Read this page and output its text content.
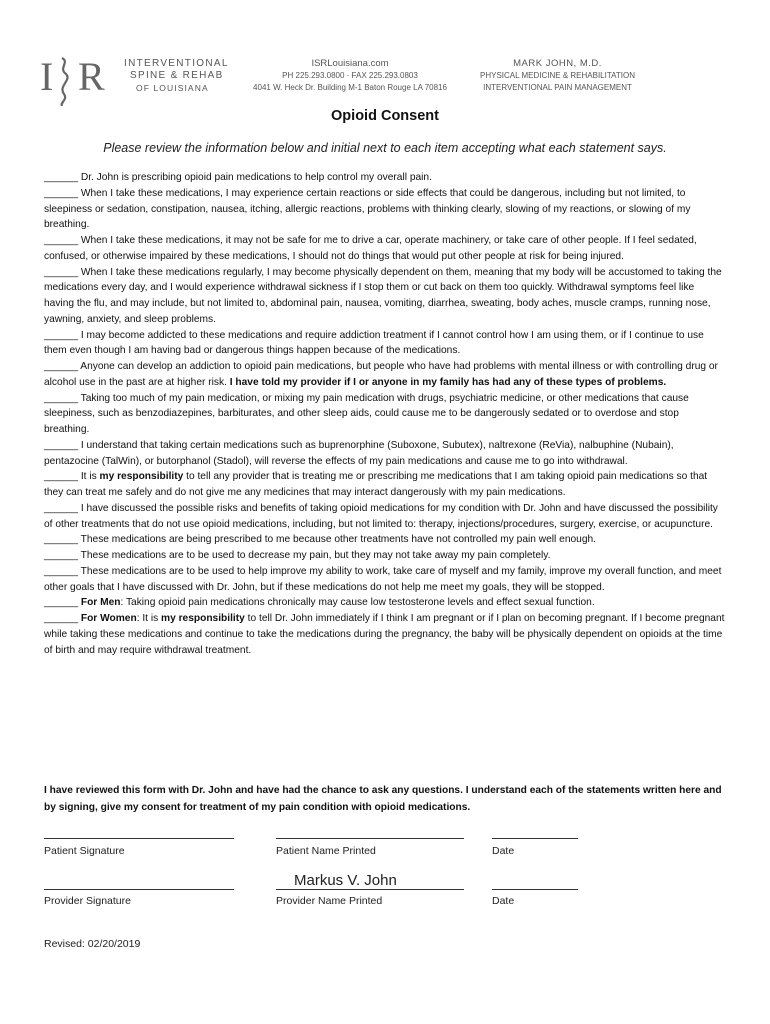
I R INTERVENTIONAL
SPINE & REHAB
OF LOUISIANA
ISRLouisiana.com
PH 225.293.0800 · FAX 225.293.0803
4041 W. Heck Dr. Building M-1 Baton Rouge LA 70816
MARK JOHN, M.D.
PHYSICAL MEDICINE & REHABILITATION
INTERVENTIONAL PAIN MANAGEMENT
Opioid Consent
Please review the information below and initial next to each item accepting what each statement says.

______ Dr. John is prescribing opioid pain medications to help control my overall pain.

______ When I take these medications, I may experience certain reactions or side effects that could be dangerous, including but not limited, to sleepiness or sedation, constipation, nausea, itching, allergic reactions, problems with thinking clearly, slowing of my reactions, or slowing of my breathing.

______ When I take these medications, it may not be safe for me to drive a car, operate machinery, or take care of other people. If I feel sedated, confused, or otherwise impaired by these medications, I should not do things that would put other people at risk for being injured.

______ When I take these medications regularly, I may become physically dependent on them, meaning that my body will be accustomed to taking the medications every day, and I would experience withdrawal sickness if I stop them or cut back on them too quickly. Withdrawal symptoms feel like having the flu, and may include, but not limited to, abdominal pain, nausea, vomiting, diarrhea, sweating, body aches, muscle cramps, running nose, yawning, anxiety, and sleep problems.

______ I may become addicted to these medications and require addiction treatment if I cannot control how I am using them, or if I continue to use them even though I am having bad or dangerous things happen because of the medications.

______ Anyone can develop an addiction to opioid pain medications, but people who have had problems with mental illness or with controlling drug or alcohol use in the past are at higher risk. I have told my provider if I or anyone in my family has had any of these types of problems.

______ Taking too much of my pain medication, or mixing my pain medication with drugs, psychiatric medicine, or other medications that cause sleepiness, such as benzodiazepines, barbiturates, and other sleep aids, could cause me to be dangerously sedated or to overdose and stop breathing.

______ I understand that taking certain medications such as buprenorphine (Suboxone, Subutex), naltrexone (ReVia), nalbuphine (Nubain), pentazocine (TalWin), or butorphanol (Stadol), will reverse the effects of my pain medications and cause me to go into withdrawal.

______ It is my responsibility to tell any provider that is treating me or prescribing me medications that I am taking opioid pain medications so that they can treat me safely and do not give me any medicines that may interact dangerously with my pain medications.

______ I have discussed the possible risks and benefits of taking opioid medications for my condition with Dr. John and have discussed the possibility of other treatments that do not use opioid medications, including, but not limited to: therapy, injections/procedures, surgery, exercise, or acupuncture.

______ These medications are being prescribed to me because other treatments have not controlled my pain well enough.

______ These medications are to be used to decrease my pain, but they may not take away my pain completely.

______ These medications are to be used to help improve my ability to work, take care of myself and my family, improve my overall function, and meet other goals that I have discussed with Dr. John, but if these medications do not help me meet my goals, they will be stopped.

______ For Men: Taking opioid pain medications chronically may cause low testosterone levels and effect sexual function.

______ For Women: It is my responsibility to tell Dr. John immediately if I think I am pregnant or if I plan on becoming pregnant. If I become pregnant while taking these medications and continue to take the medications during the pregnancy, the baby will be physically dependent on opioids at the time of birth and may require withdrawal treatment.

I have reviewed this form with Dr. John and have had the chance to ask any questions. I understand each of the statements written here and by signing, give my consent for treatment of my pain condition with opioid medications.
Patient Signature	Patient Name Printed	Date
Markus V. John
Provider Signature	Provider Name Printed	Date
Revised: 02/20/2019
